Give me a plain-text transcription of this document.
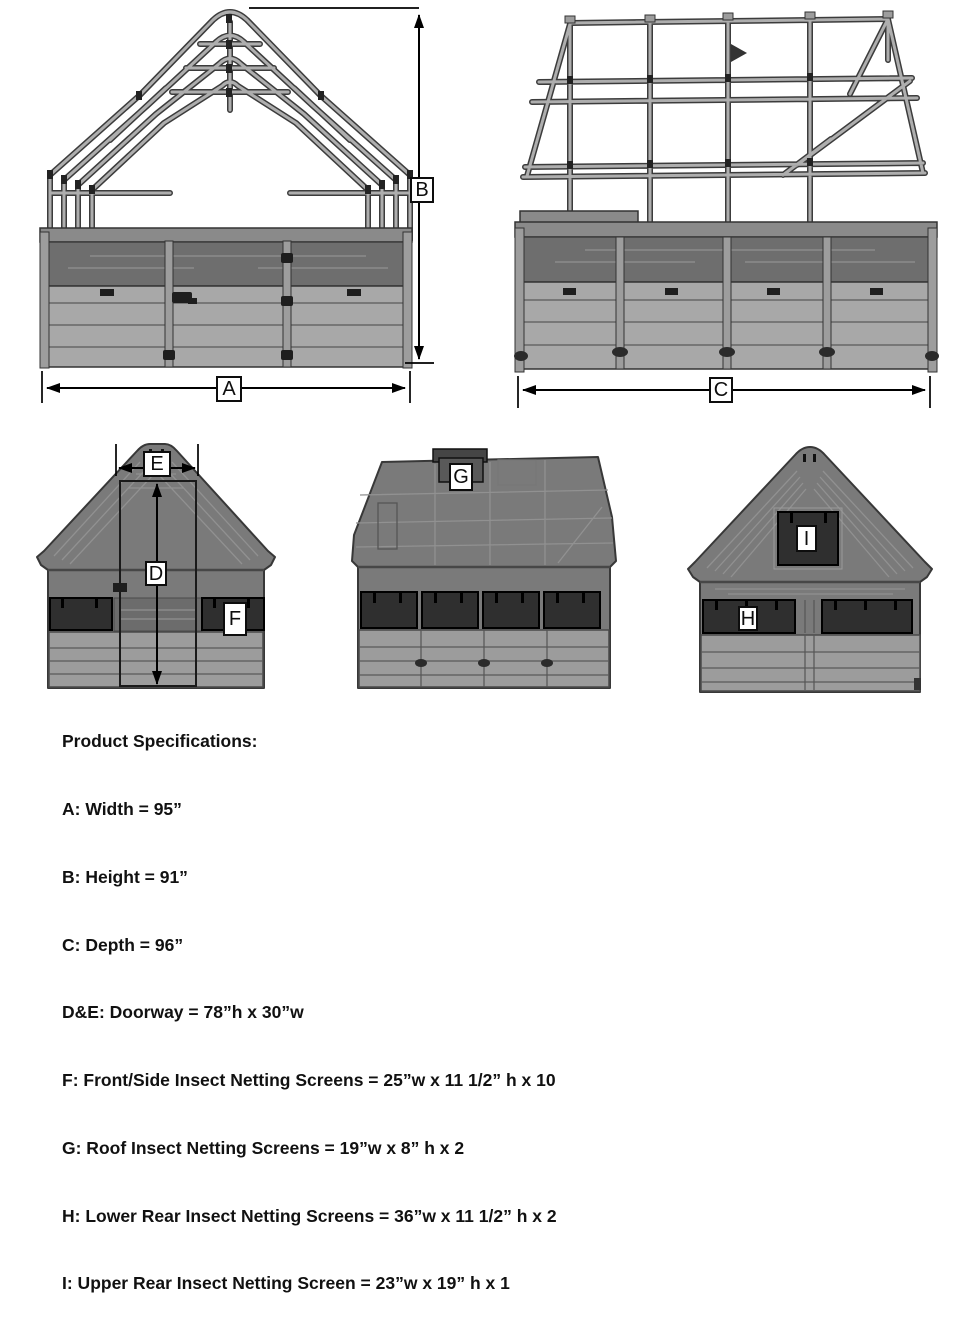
A
B
C
D
E
F
G
H
I

Product Specifications:

A: Width = 95”

B: Height = 91”

C: Depth = 96”

D&E: Doorway = 78”h x 30”w

F: Front/Side Insect Netting Screens = 25”w x 11 1/2” h x 10

G: Roof Insect Netting Screens = 19”w x 8” h x 2

H: Lower Rear Insect Netting Screens = 36”w x 11 1/2” h x 2

I: Upper Rear Insect Netting Screen = 23”w x 19” h x 1
